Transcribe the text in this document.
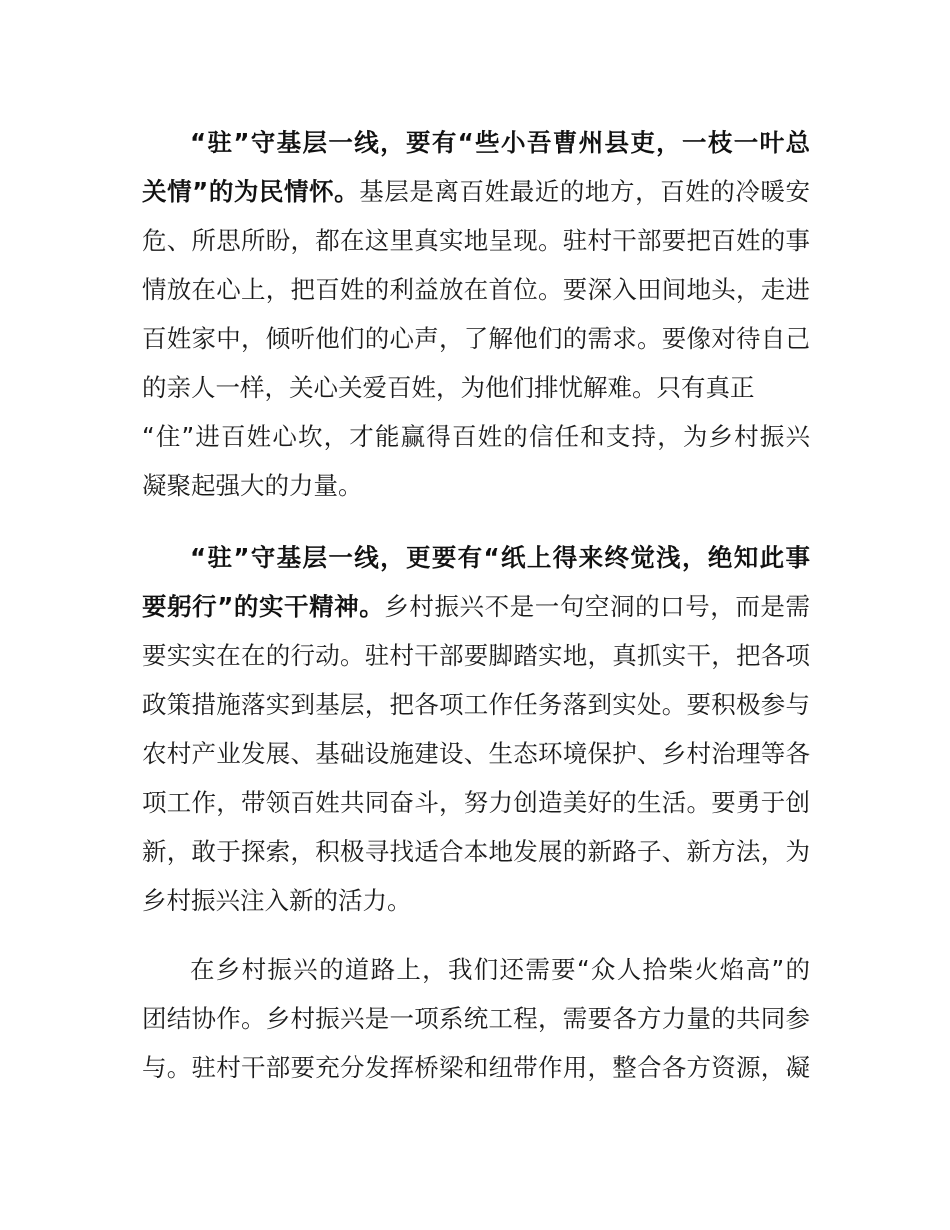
“驻”守基层一线，要有“些小吾曹州县吏，一枝一叶总

关情”的为民情怀。基层是离百姓最近的地方，百姓的冷暖安

危、所思所盼，都在这里真实地呈现。驻村干部要把百姓的事

情放在心上，把百姓的利益放在首位。要深入田间地头，走进

百姓家中，倾听他们的心声，了解他们的需求。要像对待自己

的亲人一样，关心关爱百姓，为他们排忧解难。只有真正

“住”进百姓心坎，才能赢得百姓的信任和支持，为乡村振兴

凝聚起强大的力量。

“驻”守基层一线，更要有“纸上得来终觉浅，绝知此事

要躬行”的实干精神。乡村振兴不是一句空洞的口号，而是需

要实实在在的行动。驻村干部要脚踏实地，真抓实干，把各项

政策措施落实到基层，把各项工作任务落到实处。要积极参与

农村产业发展、基础设施建设、生态环境保护、乡村治理等各

项工作，带领百姓共同奋斗，努力创造美好的生活。要勇于创

新，敢于探索，积极寻找适合本地发展的新路子、新方法，为

乡村振兴注入新的活力。

在乡村振兴的道路上，我们还需要“众人拾柴火焰高”的

团结协作。乡村振兴是一项系统工程，需要各方力量的共同参

与。驻村干部要充分发挥桥梁和纽带作用，整合各方资源，凝
